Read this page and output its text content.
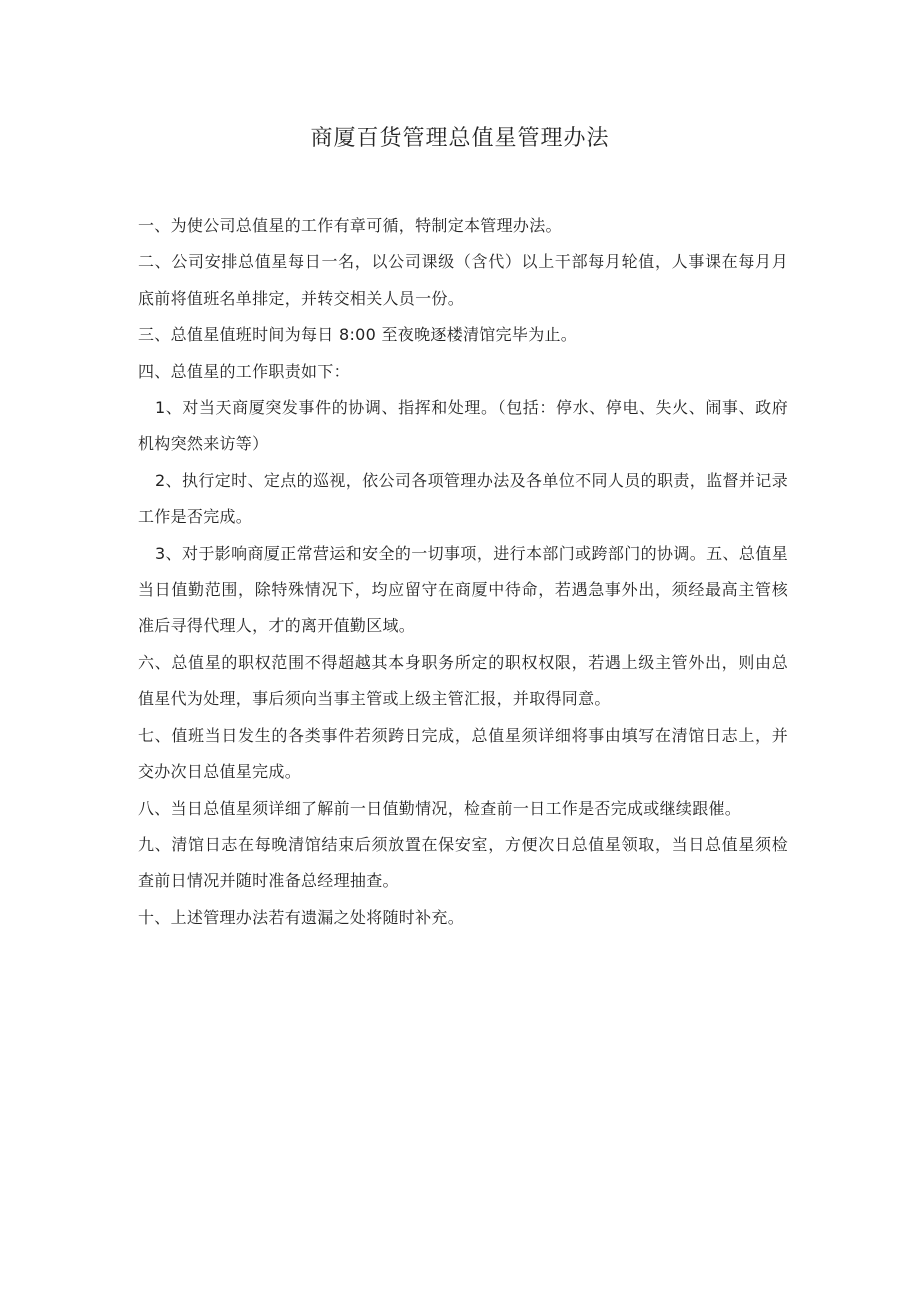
商厦百货管理总值星管理办法

一、为使公司总值星的工作有章可循，特制定本管理办法。

二、公司安排总值星每日一名，以公司课级（含代）以上干部每月轮值，人事课在每月月底前将值班名单排定，并转交相关人员一份。

三、总值星值班时间为每日 8:00 至夜晚逐楼清馆完毕为止。

四、总值星的工作职责如下：

1、对当天商厦突发事件的协调、指挥和处理。（包括：停水、停电、失火、闹事、政府机构突然来访等）

2、执行定时、定点的巡视，依公司各项管理办法及各单位不同人员的职责，监督并记录工作是否完成。

3、对于影响商厦正常营运和安全的一切事项，进行本部门或跨部门的协调。五、总值星当日值勤范围，除特殊情况下，均应留守在商厦中待命，若遇急事外出，须经最高主管核准后寻得代理人，才的离开值勤区域。

六、总值星的职权范围不得超越其本身职务所定的职权权限，若遇上级主管外出，则由总值星代为处理，事后须向当事主管或上级主管汇报，并取得同意。

七、值班当日发生的各类事件若须跨日完成，总值星须详细将事由填写在清馆日志上，并交办次日总值星完成。

八、当日总值星须详细了解前一日值勤情况，检查前一日工作是否完成或继续跟催。

九、清馆日志在每晚清馆结束后须放置在保安室，方便次日总值星领取，当日总值星须检查前日情况并随时准备总经理抽查。

十、上述管理办法若有遗漏之处将随时补充。
